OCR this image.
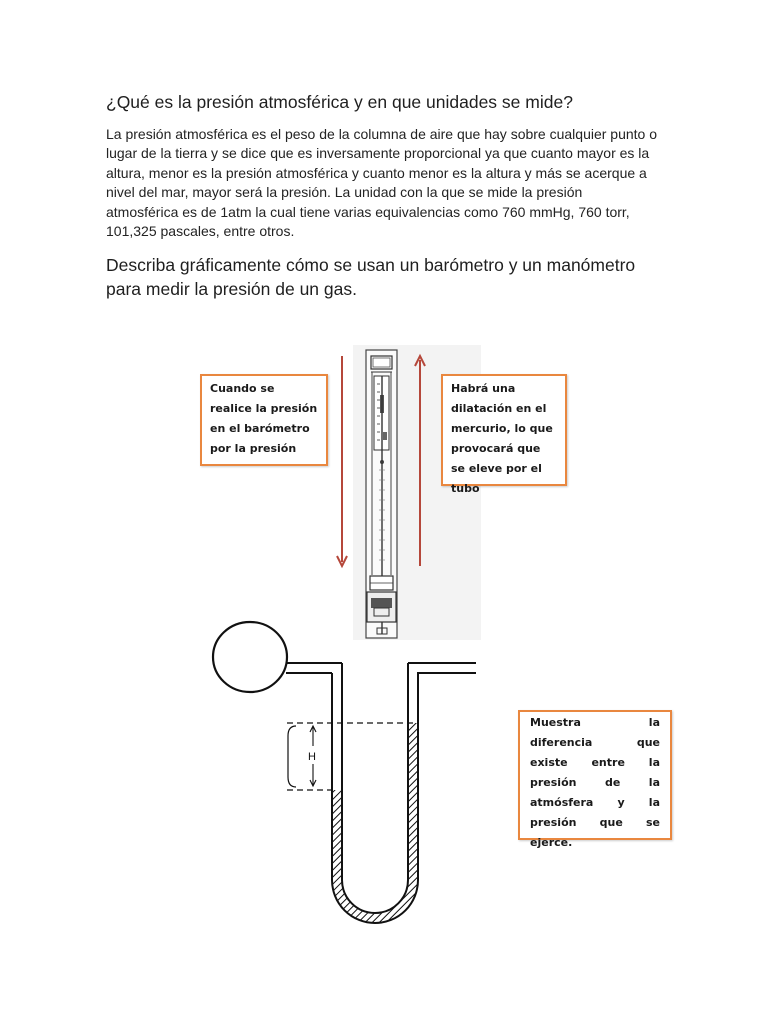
¿Qué es la presión atmosférica y en que unidades se mide?
La presión atmosférica es el peso de la columna de aire que hay sobre cualquier punto o lugar de la tierra y se dice que es inversamente proporcional ya que cuanto mayor es la altura, menor es la presión atmosférica y cuanto menor es la altura y más se acerque a nivel del mar, mayor será la presión. La unidad con la que se mide la presión atmosférica es de 1atm la cual tiene varias equivalencias como 760 mmHg, 760 torr, 101,325 pascales, entre otros.
Describa gráficamente cómo se usan un barómetro y un manómetro para medir la presión de un gas.
H
Cuando se realice la presión en el barómetro por la presión
Habrá una dilatación en el mercurio, lo que provocará que se eleve por el tubo
Muestra la diferencia que existe entre la presión de la atmósfera y la presión que se ejerce.
